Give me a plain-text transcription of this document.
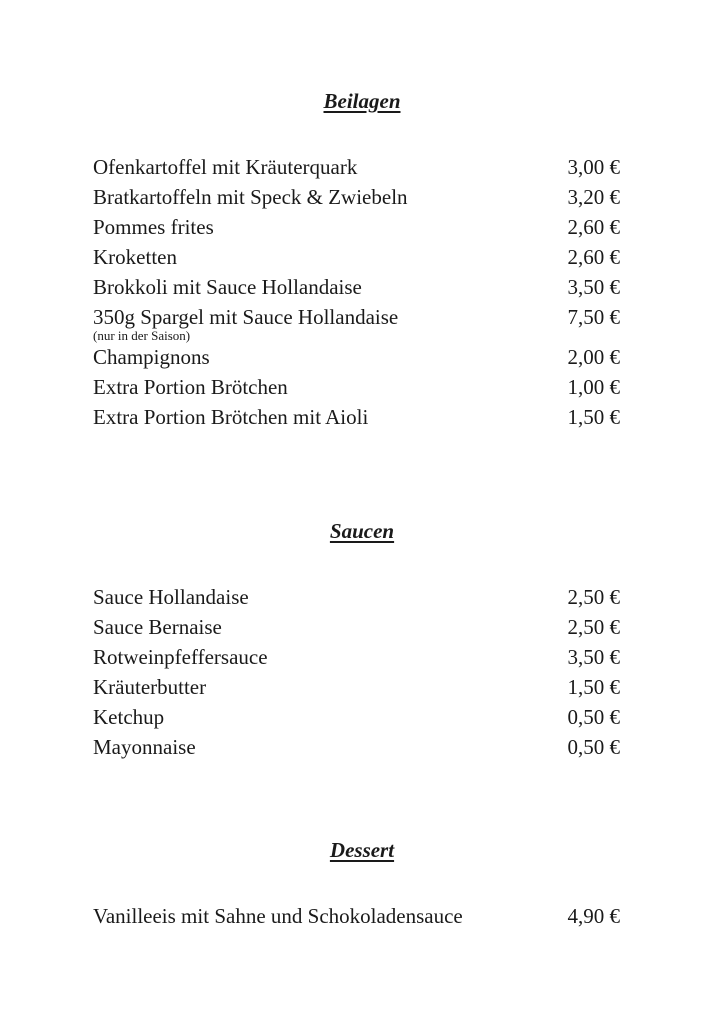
Beilagen
Ofenkartoffel mit Kräuterquark	3,00 €
Bratkartoffeln mit Speck & Zwiebeln	3,20 €
Pommes frites	2,60 €
Kroketten	2,60 €
Brokkoli mit Sauce Hollandaise	3,50 €
350g Spargel mit Sauce Hollandaise	7,50 €
(nur in der Saison)
Champignons	2,00 €
Extra Portion Brötchen	1,00 €
Extra Portion Brötchen mit Aioli	1,50 €
Saucen
Sauce Hollandaise	2,50 €
Sauce Bernaise	2,50 €
Rotweinpfeffersauce	3,50 €
Kräuterbutter	1,50 €
Ketchup	0,50 €
Mayonnaise	0,50 €
Dessert
Vanilleeis mit Sahne und Schokoladensauce	4,90 €
